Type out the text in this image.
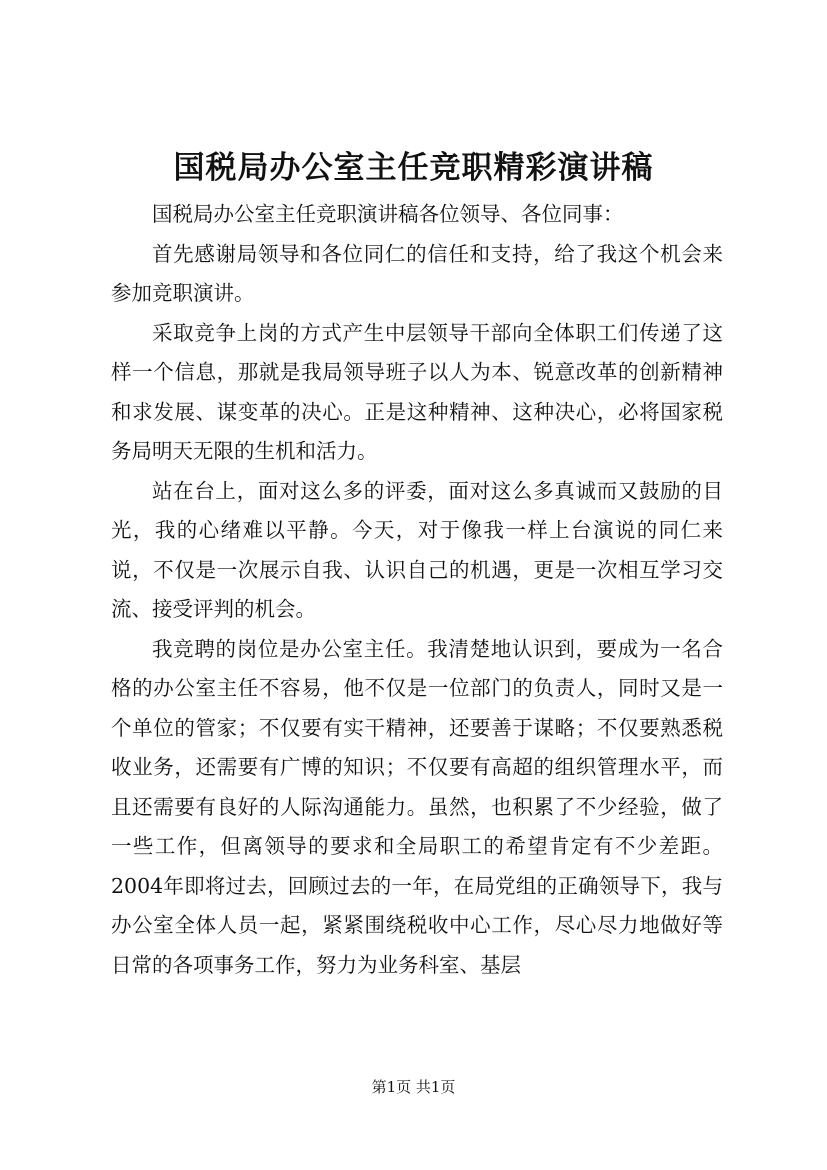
国税局办公室主任竞职精彩演讲稿

国税局办公室主任竞职演讲稿各位领导、各位同事：

首先感谢局领导和各位同仁的信任和支持，给了我这个机会来参加竞职演讲。

采取竞争上岗的方式产生中层领导干部向全体职工们传递了这样一个信息，那就是我局领导班子以人为本、锐意改革的创新精神和求发展、谋变革的决心。正是这种精神、这种决心，必将国家税务局明天无限的生机和活力。

站在台上，面对这么多的评委，面对这么多真诚而又鼓励的目光，我的心绪难以平静。今天，对于像我一样上台演说的同仁来说，不仅是一次展示自我、认识自己的机遇，更是一次相互学习交流、接受评判的机会。

我竞聘的岗位是办公室主任。我清楚地认识到，要成为一名合格的办公室主任不容易，他不仅是一位部门的负责人，同时又是一个单位的管家；不仅要有实干精神，还要善于谋略；不仅要熟悉税收业务，还需要有广博的知识；不仅要有高超的组织管理水平，而且还需要有良好的人际沟通能力。虽然，也积累了不少经验，做了一些工作，但离领导的要求和全局职工的希望肯定有不少差距。2004年即将过去，回顾过去的一年，在局党组的正确领导下，我与办公室全体人员一起，紧紧围绕税收中心工作，尽心尽力地做好等日常的各项事务工作，努力为业务科室、基层

第1页 共1页
